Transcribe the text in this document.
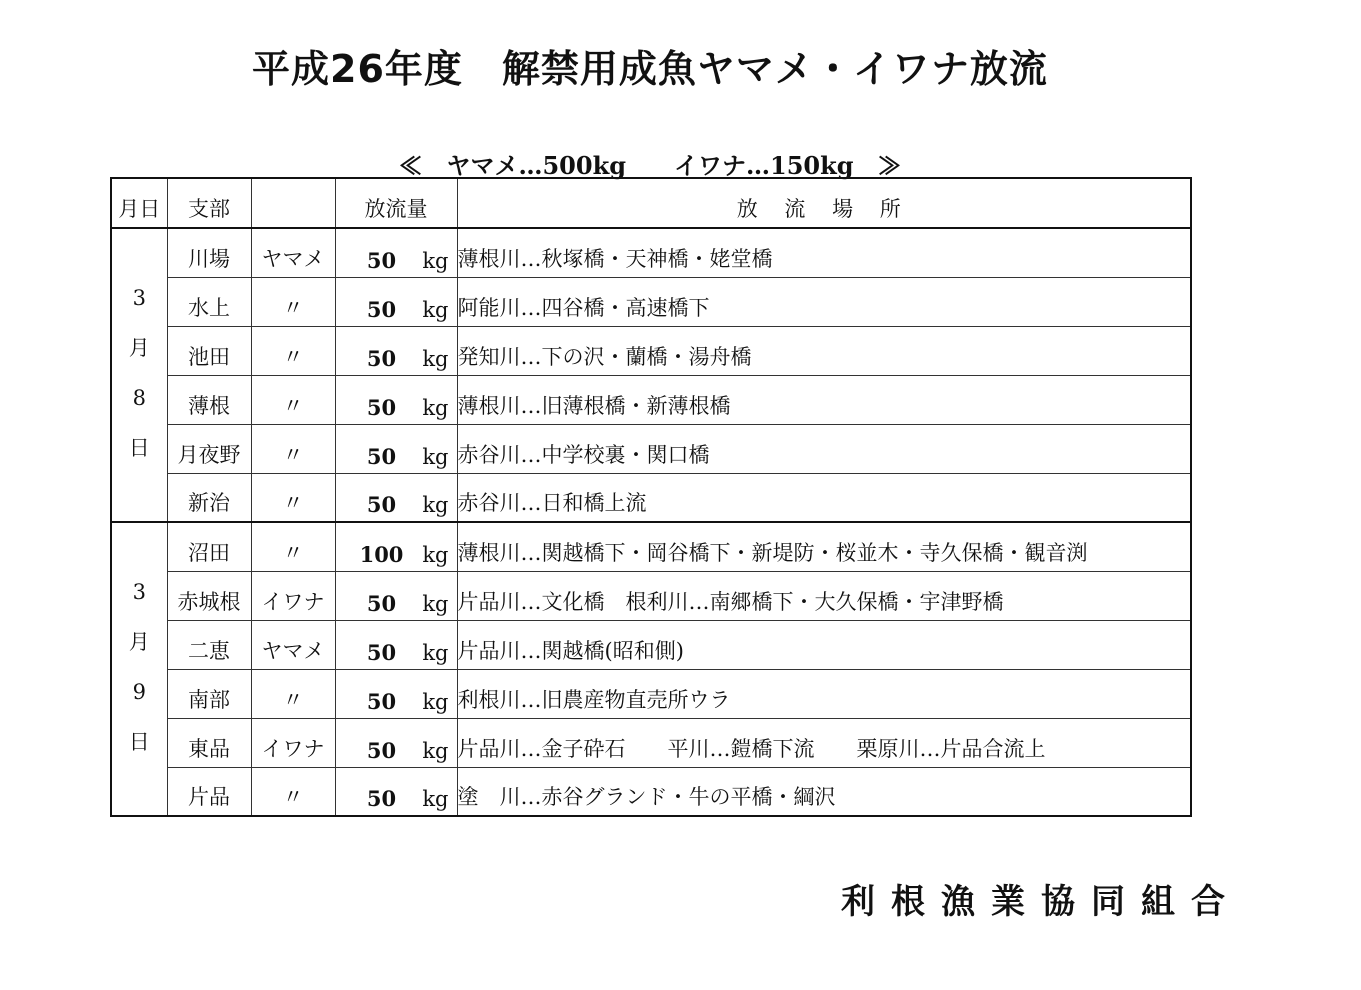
平成26年度　解禁用成魚ヤマメ・イワナ放流
≪　ヤマメ…500kg　　イワナ…150kg　≫
月日	支部		放流量	放 流 場 所

3
月
8
日	川場	ヤマメ	50 kg	薄根川…秋塚橋・天神橋・姥堂橋
	水上	〃	50 kg	阿能川…四谷橋・高速橋下
	池田	〃	50 kg	発知川…下の沢・蘭橋・湯舟橋
	薄根	〃	50 kg	薄根川…旧薄根橋・新薄根橋
	月夜野	〃	50 kg	赤谷川…中学校裏・関口橋
	新治	〃	50 kg	赤谷川…日和橋上流

3
月
9
日	沼田	〃	100 kg	薄根川…関越橋下・岡谷橋下・新堤防・桜並木・寺久保橋・観音渕
	赤城根	イワナ	50 kg	片品川…文化橋　根利川…南郷橋下・大久保橋・宇津野橋
	二恵	ヤマメ	50 kg	片品川…関越橋(昭和側)
	南部	〃	50 kg	利根川…旧農産物直売所ウラ
	東品	イワナ	50 kg	片品川…金子砕石　　平川…鎧橋下流　　栗原川…片品合流上
	片品	〃	50 kg	塗　川…赤谷グランド・牛の平橋・綱沢
利根漁業協同組合
